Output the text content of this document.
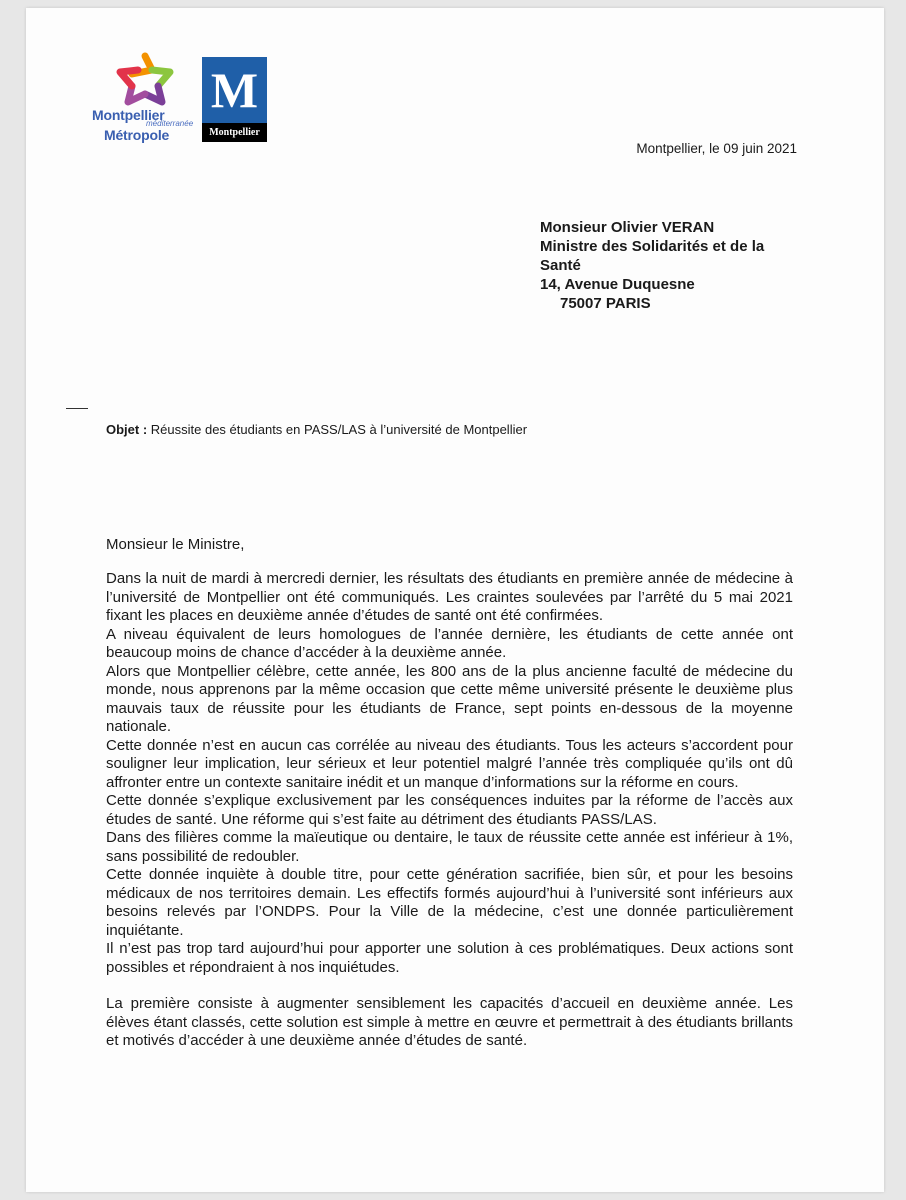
Montpellier
méditerranée
Métropole
M
Montpellier
Montpellier, le 09 juin 2021
Monsieur Olivier VERAN
Ministre des Solidarités et de la
Santé
14, Avenue Duquesne
75007 PARIS
Objet : Réussite des étudiants en PASS/LAS à l’université de Montpellier
Monsieur le Ministre,

Dans la nuit de mardi à mercredi dernier, les résultats des étudiants en première année de médecine à l’université de Montpellier ont été communiqués. Les craintes soulevées par l’arrêté du 5 mai 2021 fixant les places en deuxième année d’études de santé ont été confirmées.

A niveau équivalent de leurs homologues de l’année dernière, les étudiants de cette année ont beaucoup moins de chance d’accéder à la deuxième année.

Alors que Montpellier célèbre, cette année, les 800 ans de la plus ancienne faculté de médecine du monde, nous apprenons par la même occasion que cette même université présente le deuxième plus mauvais taux de réussite pour les étudiants de France, sept points en-dessous de la moyenne nationale.

Cette donnée n’est en aucun cas corrélée au niveau des étudiants. Tous les acteurs s’accordent pour souligner leur implication, leur sérieux et leur potentiel malgré l’année très compliquée qu’ils ont dû affronter entre un contexte sanitaire inédit et un manque d’informations sur la réforme en cours.

Cette donnée s’explique exclusivement par les conséquences induites par la réforme de l’accès aux études de santé. Une réforme qui s’est faite au détriment des étudiants PASS/LAS.

Dans des filières comme la maïeutique ou dentaire, le taux de réussite cette année est inférieur à 1%, sans possibilité de redoubler.

Cette donnée inquiète à double titre, pour cette génération sacrifiée, bien sûr, et pour les besoins médicaux de nos territoires demain. Les effectifs formés aujourd’hui à l’université sont inférieurs aux besoins relevés par l’ONDPS. Pour la Ville de la médecine, c’est une donnée particulièrement inquiétante.

Il n’est pas trop tard aujourd’hui pour apporter une solution à ces problématiques. Deux actions sont possibles et répondraient à nos inquiétudes.

La première consiste à augmenter sensiblement les capacités d’accueil en deuxième année. Les élèves étant classés, cette solution est simple à mettre en œuvre et permettrait à des étudiants brillants et motivés d’accéder à une deuxième année d’études de santé.
